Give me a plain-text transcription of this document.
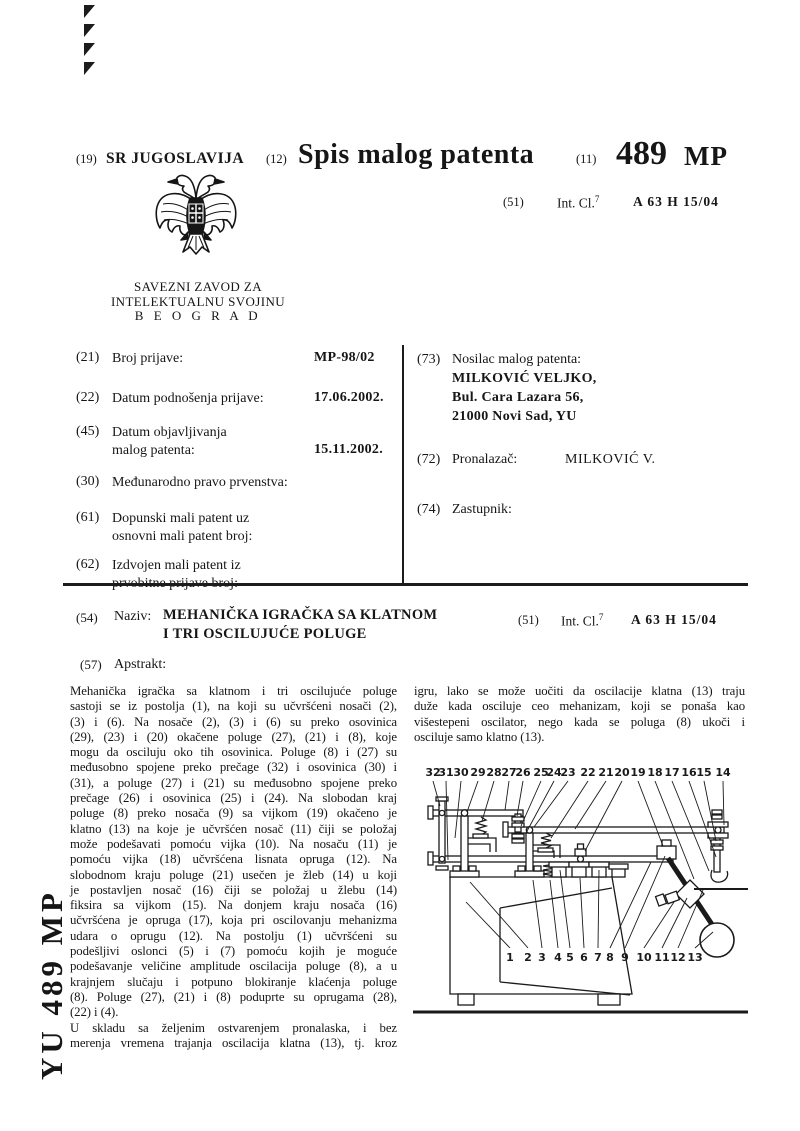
(19) SR JUGOSLAVIJA (12) Spis malog patenta	(11) 489 MP
(51) Int. Cl.$^7$ A 63 H 15/04
SAVEZNI ZAVOD ZA
INTELEKTUALNU SVOJINU
B E O G R A D
(21) Broj prijave:	MP-98/02
(22) Datum podnošenja prijave:	17.06.2002.
(45) Datum objavljivanja
malog patenta:	15.11.2002.
(30) Međunarodno pravo prvenstva:
(61) Dopunski mali patent uz
osnovni mali patent broj:
(62) Izdvojen mali patent iz

(73) Nosilac malog patenta:
MILKOVIĆ VELJKO,
Bul. Cara Lazara 56,
21000 Novi Sad, YU
(72) Pronalazač:	MILKOVIĆ V.
(74) Zastupnik:
(54) Naziv: MEHANIČKA IGRAČKA SA KLATNOM
I TRI OSCILUJUĆE POLUGE
(51) Int. Cl.$^7$ A 63 H 15/04
(57) Apstrakt:
Mehanička igračka sa klatnom i tri oscilujuće poluge
sastoji se iz postolja (1), na koji su učvršćeni nosači (2),
(3) i (6). Na nosače (2), (3) i (6) su preko osovinica
(29), (23) i (20) okačene poluge (27), (21) i (8), koje
mogu da osciluju oko tih osovinica. Poluge (8) i (27) su
međusobno spojene preko prečage (32) i osovinica (30) i
(31), a poluge (27) i (21) su međusobno spojene preko
prečage (26) i osovinica (25) i (24). Na slobodan kraj
poluge (8) preko nosača (9) sa vijkom (19) okačeno je
klatno (13) na koje je učvršćen nosač (11) čiji se položaj
može podešavati pomoću vijka (10). Na nosaču (11) je
pomoću vijka (18) učvršćena lisnata opruga (12). Na
slobodnom kraju poluge (21) usečen je žleb (14) u koji
je postavljen nosač (16) čiji se položaj u žlebu (14)
fiksira sa vijkom (15). Na donjem kraju nosača (16)
učvršćena je opruga (17), koja pri oscilovanju mehanizma
udara o oprugu (12). Na postolju (1) učvršćeni su
podešljivi oslonci (5) i (7) pomoću kojih je moguće
podešavanje veličine amplitude oscilacija poluge (8), a u
krajnjem slučaju i potpuno blokiranje klaćenja poluge
(8). Poluge (27), (21) i (8) poduprte su oprugama (28),
(22) i (4).
U skladu sa željenim ostvarenjem pronalaska, i bez
merenja vremena trajanja oscilacija klatna (13), tj. kroz
igru, lako se može uočiti da oscilacije klatna (13) traju
duže kada osciluje ceo mehanizam, koji se ponaša kao
višestepeni oscilator, nego kada se poluga (8) ukoči i
osciluje samo klatno (13).
32
31 30 29 28 27
26 25
24
23 22 21 20 19 18 17 16 15 14
1 2 3 4 5 6 7 8 9 10 11 12 13
YU 489 MP
